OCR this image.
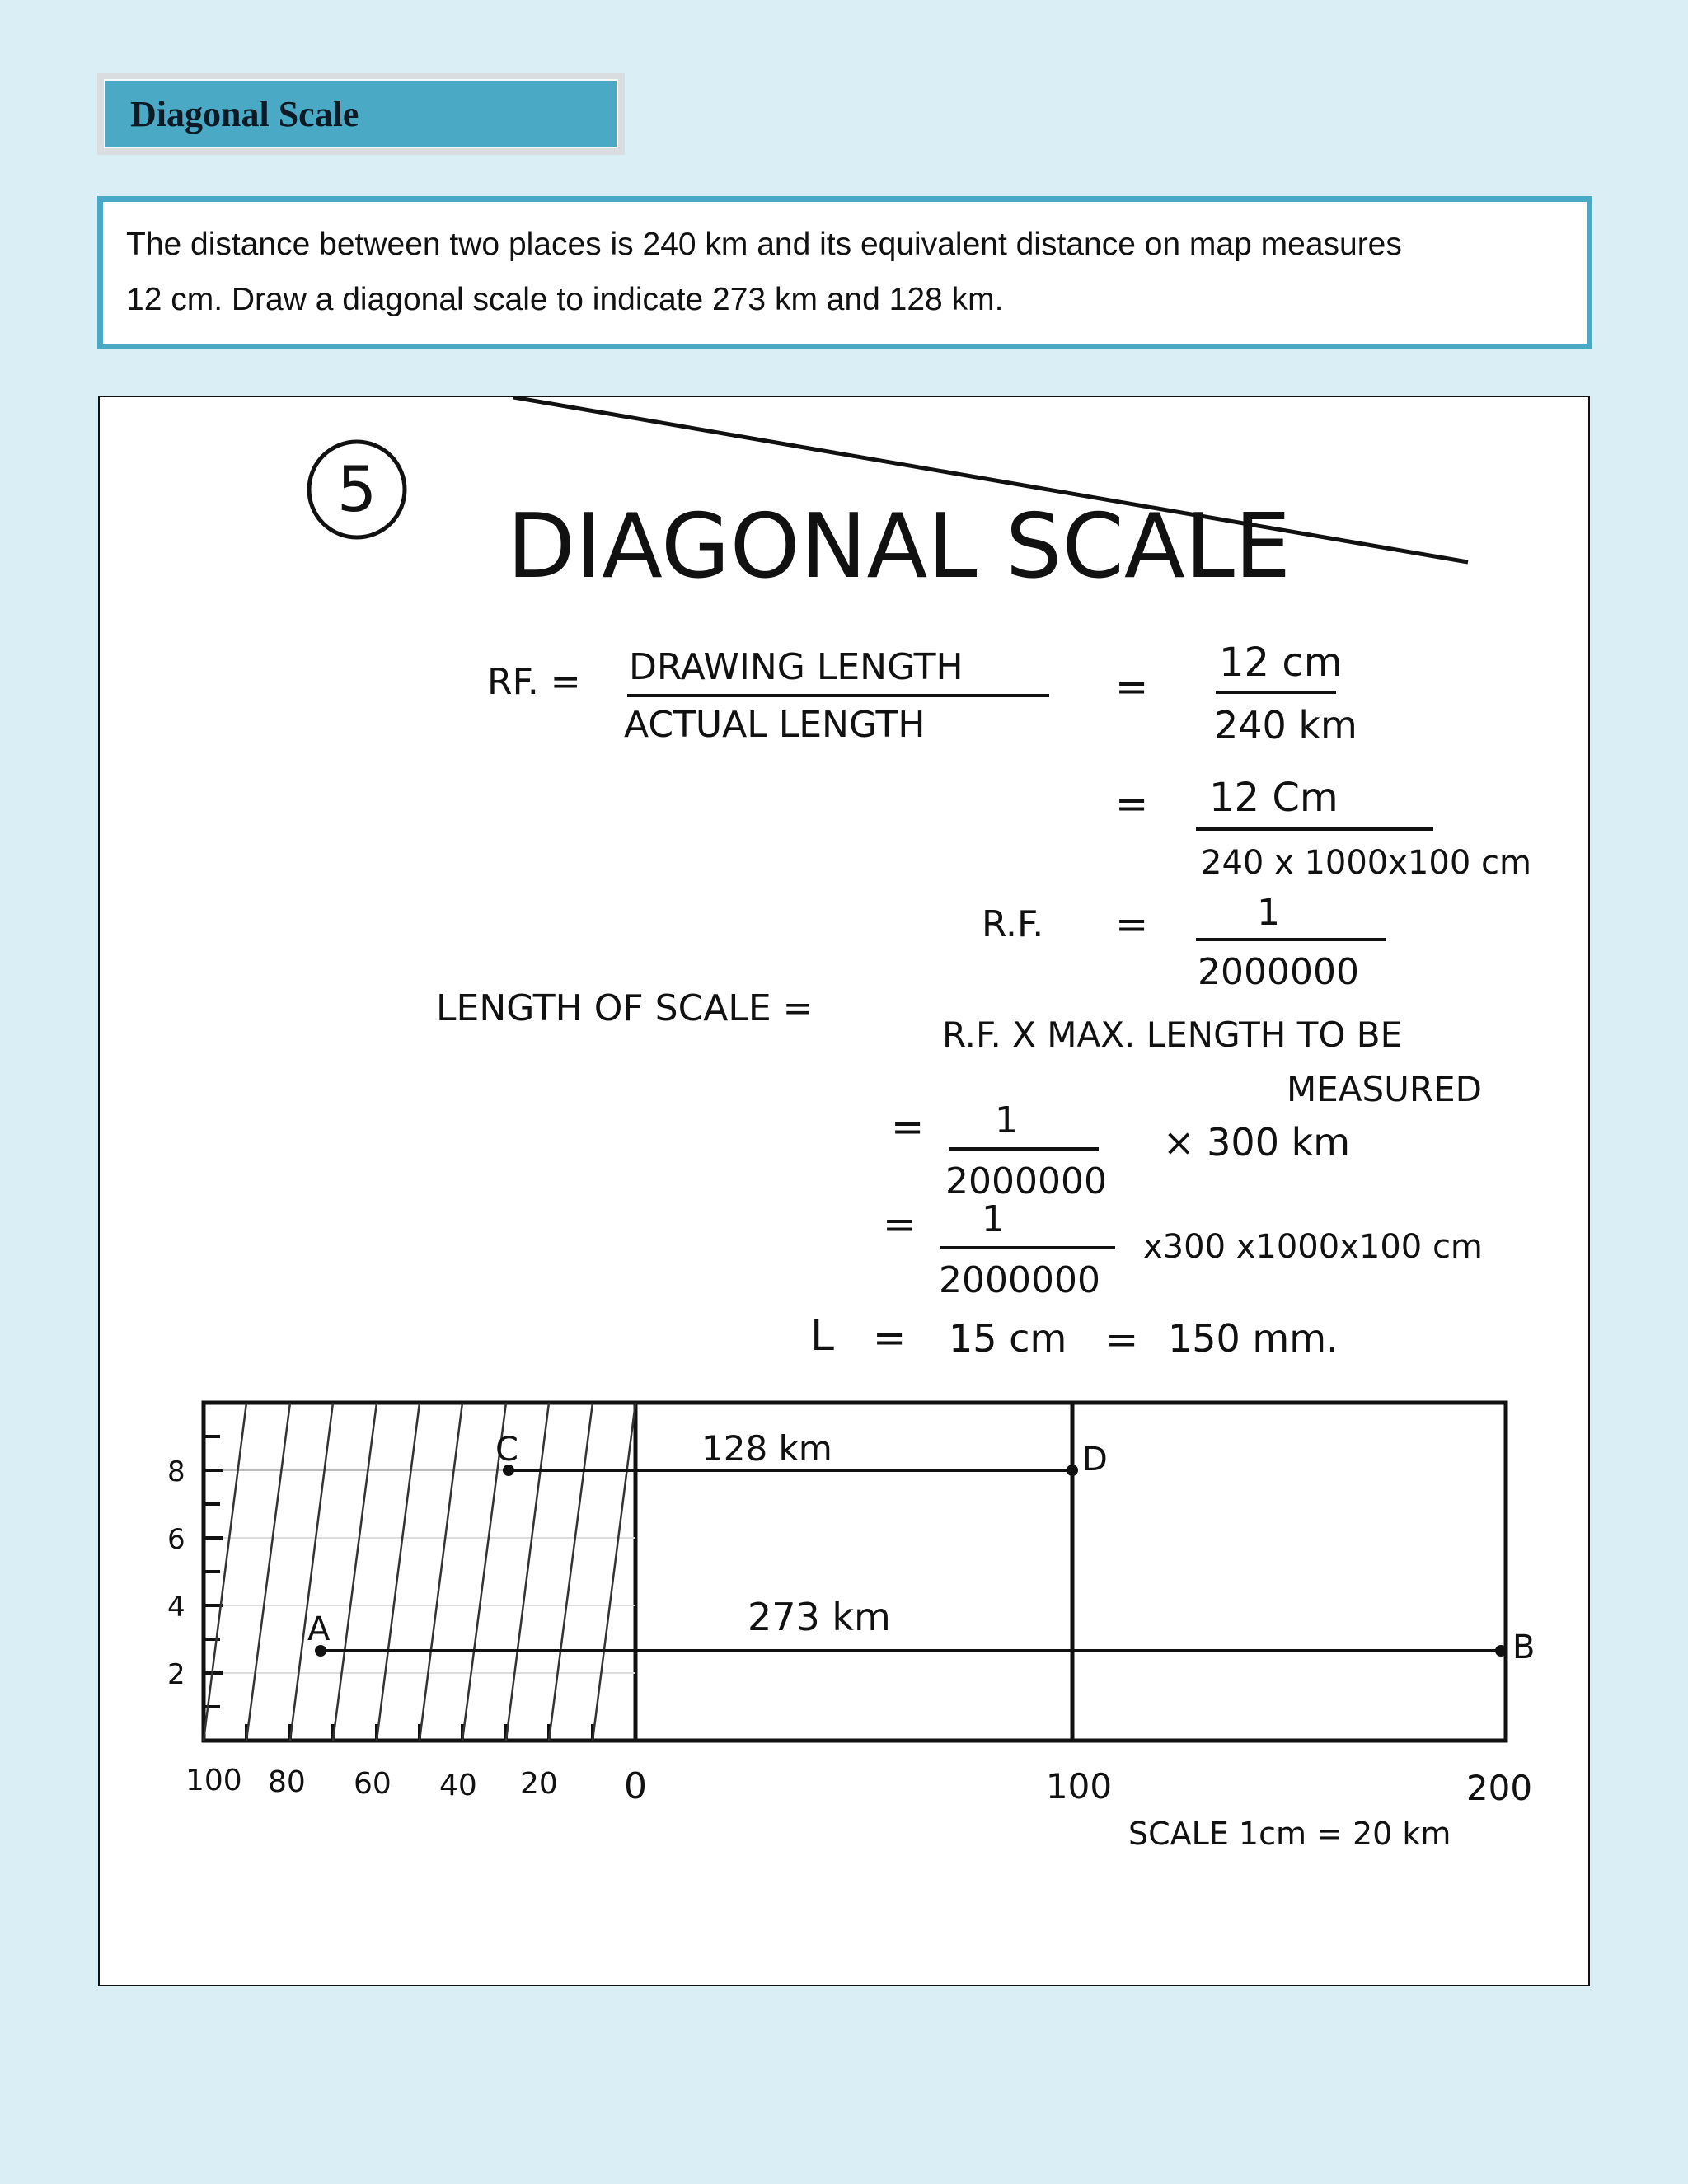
Diagonal Scale

The distance between two places is 240 km and its equivalent distance on map measures

12 cm. Draw a diagonal scale to indicate 273 km and 128 km.

5
DIAGONAL SCALE
RF. = DRAWING LENGTH
ACTUAL LENGTH
=
12 cm
240 km
= 12 Cm
240 x 1000x100 cm
R.F. =	1
2000000
LENGTH OF SCALE =
R.F. X MAX. LENGTH TO BE
MEASURED
= 1
2000000
× 300 km
= 1
2000000
x300 x1000x100 cm
L = 15 cm = 150 mm.
C	D
A	B
128 km
273 km
8
6
4
2
100 80 60 40 20 0	100	200
SCALE 1cm = 20 km
